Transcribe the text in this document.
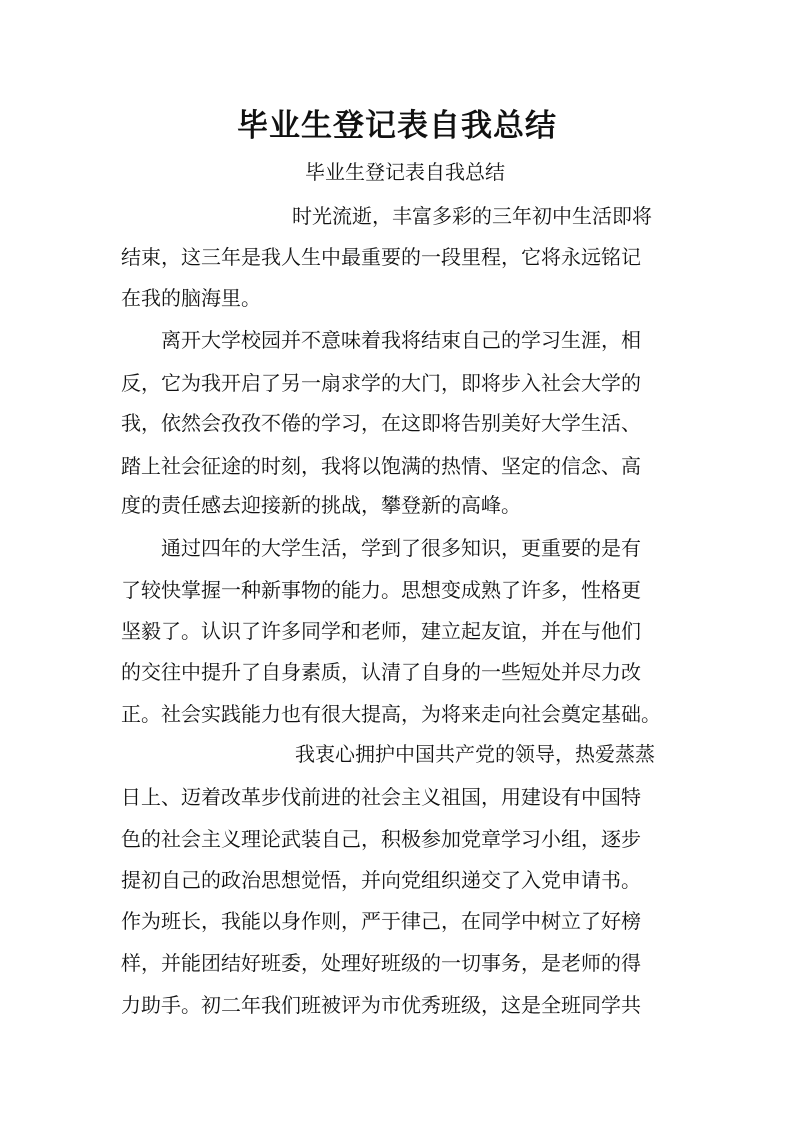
毕业生登记表自我总结

毕业生登记表自我总结

时光流逝，丰富多彩的三年初中生活即将

结束，这三年是我人生中最重要的一段里程，它将永远铭记

在我的脑海里。

离开大学校园并不意味着我将结束自己的学习生涯，相

反，它为我开启了另一扇求学的大门，即将步入社会大学的

我，依然会孜孜不倦的学习，在这即将告别美好大学生活、

踏上社会征途的时刻，我将以饱满的热情、坚定的信念、高

度的责任感去迎接新的挑战，攀登新的高峰。

通过四年的大学生活，学到了很多知识，更重要的是有

了较快掌握一种新事物的能力。思想变成熟了许多，性格更

坚毅了。认识了许多同学和老师，建立起友谊，并在与他们

的交往中提升了自身素质，认清了自身的一些短处并尽力改

正。社会实践能力也有很大提高，为将来走向社会奠定基础。

我衷心拥护中国共产党的领导，热爱蒸蒸

日上、迈着改革步伐前进的社会主义祖国，用建设有中国特

色的社会主义理论武装自己，积极参加党章学习小组，逐步

提初自己的政治思想觉悟，并向党组织递交了入党申请书。

作为班长，我能以身作则，严于律己，在同学中树立了好榜

样，并能团结好班委，处理好班级的一切事务，是老师的得

力助手。初二年我们班被评为市优秀班级，这是全班同学共
